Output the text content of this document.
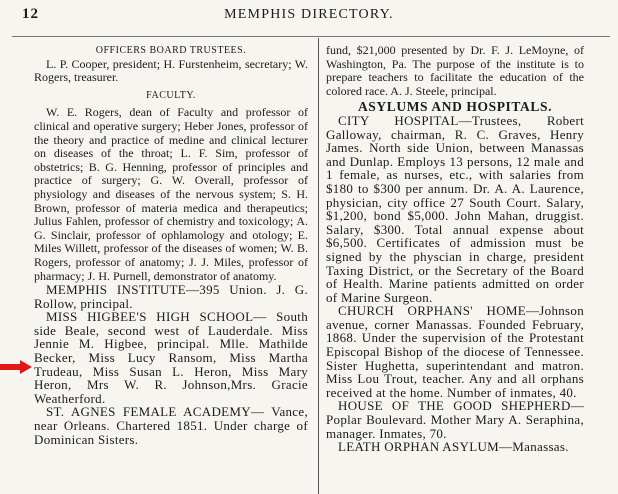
12	MEMPHIS DIRECTORY.

OFFICERS BOARD TRUSTEES.

L. P. Cooper, president; H. Furstenheim, secretary; W. Rogers, treasurer.

FACULTY.

W. E. Rogers, dean of Faculty and professor of clinical and operative surgery; Heber Jones, professor of the theory and practice of medine and clinical lecturer on diseases of the throat; L. F. Sim, professor of obstetrics; B. G. Henning, professor of principles and practice of surgery; G. W. Overall, professor of physiology and diseases of the nervous system; S. H. Brown, professor of materia medica and therapeutics; Julius Fahlen, professor of chemistry and toxicology; A. G. Sinclair, professor of ophlamology and otology; E. Miles Willett, professor of the diseases of women; W. B. Rogers, professor of anatomy; J. J. Miles, professor of pharmacy; J. H. Purnell, demonstrator of anatomy.

MEMPHIS INSTITUTE—395 Union. J. G. Rollow, principal.

MISS HIGBEE'S HIGH SCHOOL— South side Beale, second west of Lauderdale. Miss Jennie M. Higbee, principal. Mlle. Mathilde Becker, Miss Lucy Ransom, Miss Martha Trudeau, Miss Susan L. Heron, Miss Mary Heron, Mrs W. R. Johnson,Mrs. Gracie Weatherford.

ST. AGNES FEMALE ACADEMY— Vance, near Orleans. Chartered 1851. Under charge of Dominican Sisters.

fund, $21,000 presented by Dr. F. J. LeMoyne, of Washington, Pa. The purpose of the institute is to prepare teachers to facilitate the education of the colored race. A. J. Steele, principal.

ASYLUMS AND HOSPITALS.

CITY HOSPITAL—Trustees, Robert Galloway, chairman, R. C. Graves, Henry James. North side Union, between Manassas and Dunlap. Employs 13 persons, 12 male and 1 female, as nurses, etc., with salaries from $180 to $300 per annum. Dr. A. A. Laurence, physician, city office 27 South Court. Salary, $1,200, bond $5,000. John Mahan, druggist. Salary, $300. Total annual expense about $6,500. Certificates of admission must be signed by the physcian in charge, president Taxing District, or the Secretary of the Board of Health. Marine patients admitted on order of Marine Surgeon.

CHURCH ORPHANS' HOME—Johnson avenue, corner Manassas. Founded February, 1868. Under the supervision of the Protestant Episcopal Bishop of the diocese of Tennessee. Sister Hughetta, superintendant and matron. Miss Lou Trout, teacher. Any and all orphans received at the home. Number of inmates, 40.

HOUSE OF THE GOOD SHEPHERD—Poplar Boulevard. Mother Mary A. Seraphina, manager. Inmates, 70.

LEATH ORPHAN ASYLUM—Manassas.
